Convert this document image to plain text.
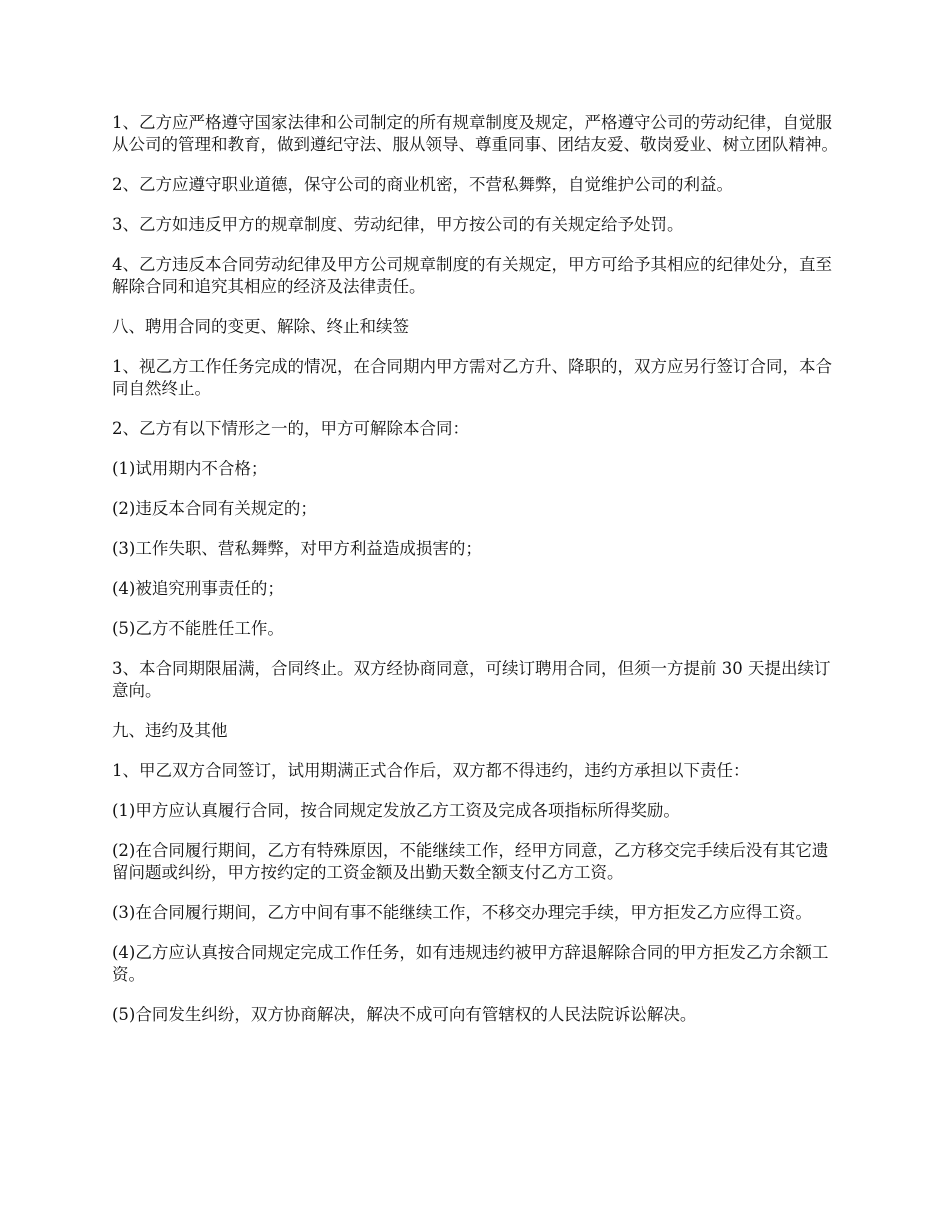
1、乙方应严格遵守国家法律和公司制定的所有规章制度及规定，严格遵守公司的劳动纪律，自觉服从公司的管理和教育，做到遵纪守法、服从领导、尊重同事、团结友爱、敬岗爱业、树立团队精神。

2、乙方应遵守职业道德，保守公司的商业机密，不营私舞弊，自觉维护公司的利益。

3、乙方如违反甲方的规章制度、劳动纪律，甲方按公司的有关规定给予处罚。

4、乙方违反本合同劳动纪律及甲方公司规章制度的有关规定，甲方可给予其相应的纪律处分，直至解除合同和追究其相应的经济及法律责任。

八、聘用合同的变更、解除、终止和续签

1、视乙方工作任务完成的情况，在合同期内甲方需对乙方升、降职的，双方应另行签订合同，本合同自然终止。

2、乙方有以下情形之一的，甲方可解除本合同：

(1)试用期内不合格；

(2)违反本合同有关规定的；

(3)工作失职、营私舞弊，对甲方利益造成损害的；

(4)被追究刑事责任的；

(5)乙方不能胜任工作。

3、本合同期限届满，合同终止。双方经协商同意，可续订聘用合同，但须一方提前 30 天提出续订意向。

九、违约及其他

1、甲乙双方合同签订，试用期满正式合作后，双方都不得违约，违约方承担以下责任：

(1)甲方应认真履行合同，按合同规定发放乙方工资及完成各项指标所得奖励。

(2)在合同履行期间，乙方有特殊原因，不能继续工作，经甲方同意，乙方移交完手续后没有其它遗留问题或纠纷，甲方按约定的工资金额及出勤天数全额支付乙方工资。

(3)在合同履行期间，乙方中间有事不能继续工作，不移交办理完手续，甲方拒发乙方应得工资。

(4)乙方应认真按合同规定完成工作任务，如有违规违约被甲方辞退解除合同的甲方拒发乙方余额工资。

(5)合同发生纠纷，双方协商解决，解决不成可向有管辖权的人民法院诉讼解决。
